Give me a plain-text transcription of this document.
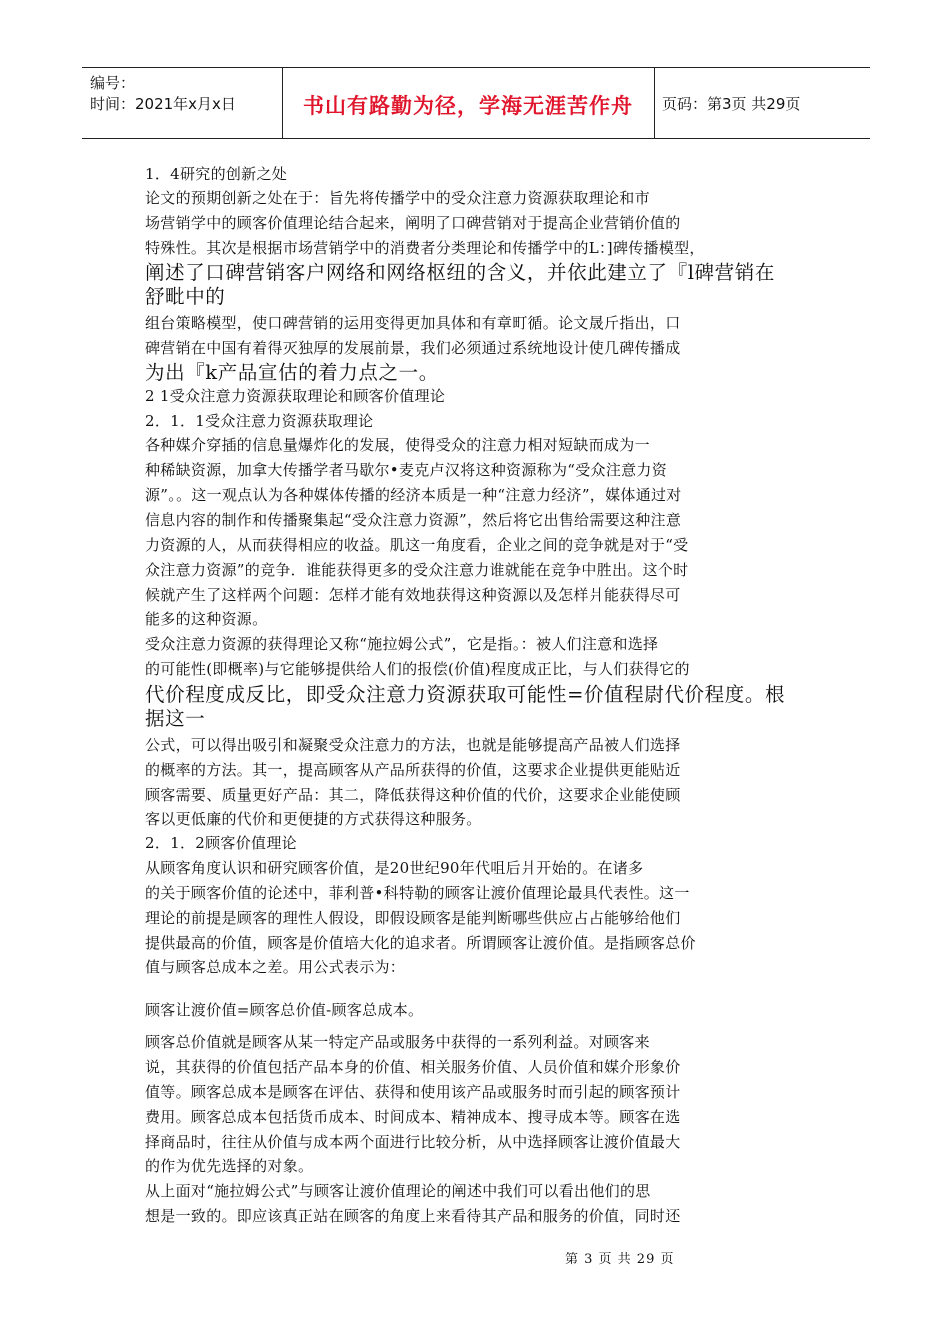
编号：
时间：2021年x月x日	书山有路勤为径，学海无涯苦作舟	页码：第3页 共29页
1．4研究的创新之处
论文的预期创新之处在于：旨先将传播学中的受众注意力资源获取理论和市
场营销学中的顾客价值理论结合起来，阐明了口碑营销对于提高企业营销价值的
特殊性。其次是根据市场营销学中的消费者分类理论和传播学中的L：]碑传播模型，
阐述了口碑营销客户网络和网络枢纽的含义，并依此建立了『l碑营销在
舒毗中的
组台策略模型，使口碑营销的运用变得更加具体和有章町循。论文晟斤指出，口
碑营销在中国有着得灭独厚的发展前景，我们必须通过系统地设计使几碑传播成
为出『k产品宣估的着力点之一。
2 1受众注意力资源获取理论和顾客价值理论
2．1．1受众注意力资源获取理论
各种媒介穿插的信息量爆炸化的发展，使得受众的注意力相对短缺而成为一
种稀缺资源，加拿大传播学者马歇尔•麦克卢汉将这种资源称为“受众注意力资
源”。。这一观点认为各种媒体传播的经济本质是一种“注意力经济”，媒体通过对
信息内容的制作和传播聚集起“受众注意力资源”，然后将它出售给需要这种注意
力资源的人，从而获得相应的收益。肌这一角度看，企业之间的竞争就是对于“受
众注意力资源”的竞争．谁能获得更多的受众注意力谁就能在竞争中胜出。这个时
候就产生了这样两个问题：怎样才能有效地获得这种资源以及怎样爿能获得尽可
能多的这种资源。
受众注意力资源的获得理论又称“施拉姆公式”，它是指。：被人们注意和选择
的可能性(即概率)与它能够提供给人们的报偿(价值)程度成正比，与人们获得它的
代价程度成反比，即受众注意力资源获取可能性=价值程尉代价程度。根
据这一
公式，可以得出吸引和凝聚受众注意力的方法，也就是能够提高产品被人们选择
的概率的方法。其一，提高顾客从产品所获得的价值，这要求企业提供更能贴近
顾客需要、质量更好产品：其二，降低获得这种价值的代价，这要求企业能使顾
客以更低廉的代价和更便捷的方式获得这种服务。
2．1．2顾客价值理论
从顾客角度认识和研究顾客价值，是20世纪90年代咀后爿开始的。在诸多
的关于顾客价值的论述中，菲利普•科特勒的顾客让渡价值理论最具代表性。这一
理论的前提是顾客的理性人假设，即假设顾客是能判断哪些供应占占能够给他们
提供最高的价值，顾客是价值培大化的追求者。所谓顾客让渡价值。是指顾客总价
值与顾客总成本之差。用公式表示为：
顾客让渡价值=顾客总价值-顾客总成本。
顾客总价值就是顾客从某一特定产品或服务中获得的一系列利益。对顾客来
说，其获得的价值包括产品本身的价值、相关服务价值、人员价值和媒介形象价
值等。顾客总成本是顾客在评估、获得和使用该产品或服务时而引起的顾客预计
费用。顾客总成本包括货币成本、时间成本、精神成本、搜寻成本等。顾客在选
择商品时，往往从价值与成本两个面进行比较分析，从中选择顾客让渡价值最大
的作为优先选择的对象。
从上面对“施拉姆公式”与顾客让渡价值理论的阐述中我们可以看出他们的思
想是一致的。即应该真正站在顾客的角度上来看待其产品和服务的价值，同时还
第 3 页 共 29 页
